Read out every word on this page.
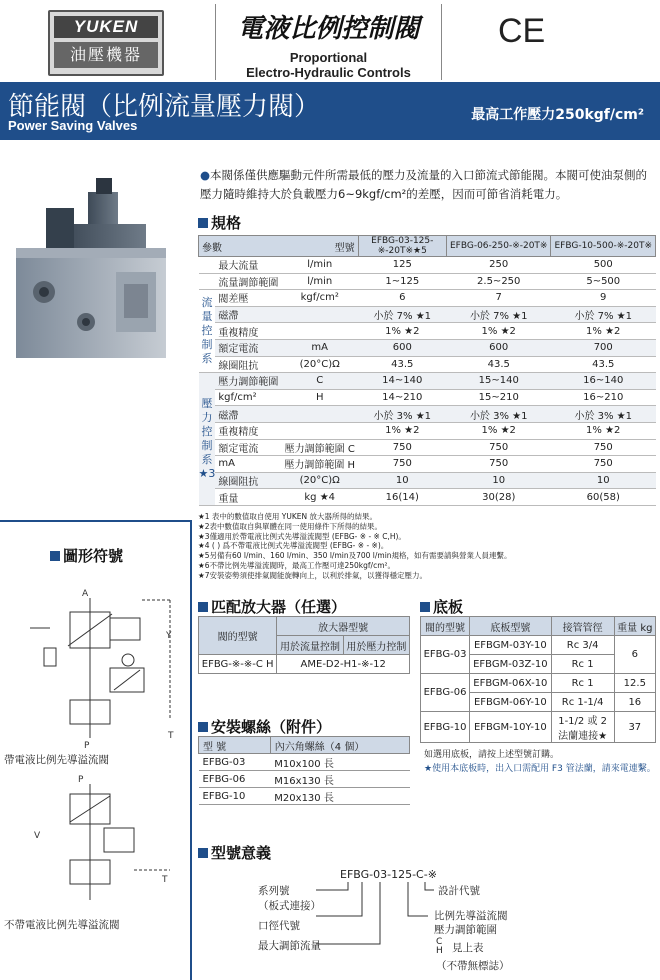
YUKEN
油壓機器
電液比例控制閥
Proportional
Electro-Hydraulic Controls
CE
節能閥（比例流量壓力閥）
Power Saving Valves
最高工作壓力250kgf/cm²
●本閥係僅供應驅動元件所需最低的壓力及流量的入口節流式節能閥。本閥可使油泵側的壓力隨時維持大於負載壓力6~9kgf/cm²的差壓，因而可節省消耗電力。
規格
參數 型號			EFBG-03-125-※-20T※★5	EFBG-06-250-※-20T※	EFBG-10-500-※-20T※
	最大流量	l/min	125	250	500
	流量調節範圍	l/min	1~125	2.5~250	5~500
流量控制系	閥差壓	kgf/cm²	6	7	9
	磁滯		小於 7% ★1	小於 7% ★1	小於 7% ★1
	重複精度		1% ★2	1% ★2	1% ★2
	額定電流	mA	600	600	700
	線圈阻抗	(20°C)Ω	43.5	43.5	43.5
壓力控制系
★3	壓力調節範圍	C	14~140	15~140	16~140
	kgf/cm²	H	14~210	15~210	16~210
	磁滯		小於 3% ★1	小於 3% ★1	小於 3% ★1
	重複精度		1% ★2	1% ★2	1% ★2
	額定電流	壓力調節範圍 C	750	750	750
	mA	壓力調節範圍 H	750	750	750
	線圈阻抗	(20°C)Ω	10	10	10
	重量	kg ★4	16(14)	30(28)	60(58)
★1 表中的數值取自使用 YUKEN 放大器所得的結果。
★2表中數值取自與單體在同一使用條件下所得的結果。
★3僅適用於帶電液比例式先導溢流閥型 (EFBG- ※ - ※ C,H)。
★4 ( ) 爲不帶電液比例式先導溢流閥型 (EFBG- ※ - ※)。
★5另備有60 l/min、160 l/min、350 l/min及700 l/min規格，如有需要請與營業人員連繫。
★6不帶比例先導溢流閥時，最高工作壓可達250kgf/cm²。
★7安裝姿勢須使排氣閥能旋轉向上，以利於排氣，以獲得穩定壓力。
圖形符號
A
Y
T
P
帶電液比例先導溢流閥
P
T
V
不帶電液比例先導溢流閥
匹配放大器（任選）
閥的型號	放大器型號	
	用於流量控制	用於壓力控制
EFBG-※-※-C H	AME-D2-H1-※-12	
安裝螺絲（附件）
型 號	內六角螺絲（4 個）
EFBG-03	M10x100 長
EFBG-06	M16x130 長
EFBG-10	M20x130 長
底板
閥的型號	底板型號	接管管徑	重量 kg
EFBG-03	EFBGM-03Y-10	Rc 3/4	6
	EFBGM-03Z-10	Rc 1	
EFBG-06	EFBGM-06X-10	Rc 1	12.5
	EFBGM-06Y-10	Rc 1-1/4	16
EFBG-10	EFBGM-10Y-10	1-1/2 或 2 法蘭連接★	37
如選用底板，請按上述型號訂購。
★使用本底板時，出入口需配用 F3 管法蘭，請來電連繫。
型號意義
EFBG-03-125-C-※
系列號
（板式連接）
口徑代號
最大調節流量
設計代號
比例先導溢流閥
壓力調節範圍
C H 見上表
（不帶無標誌）
